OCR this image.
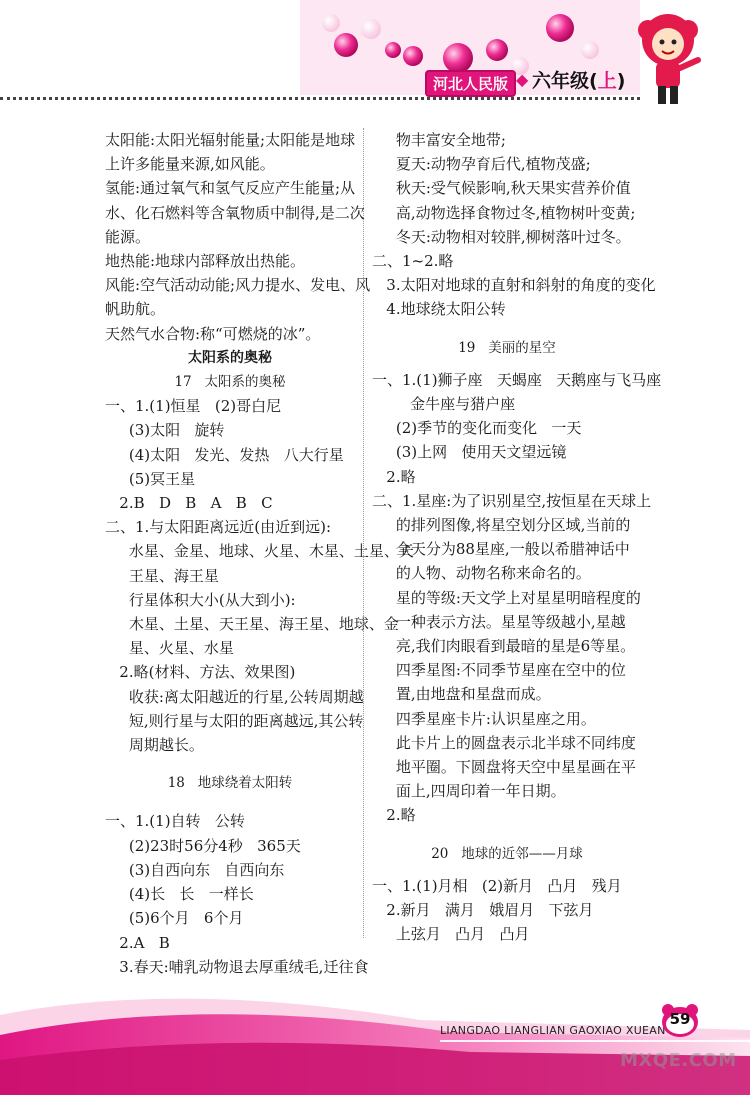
河北人民版 ◆ 六年级(上)

太阳能:太阳光辐射能量;太阳能是地球

上许多能量来源,如风能。

氢能:通过氧气和氢气反应产生能量;从

水、化石燃料等含氧物质中制得,是二次

能源。

地热能:地球内部释放出热能。

风能:空气活动动能;风力提水、发电、风

帆助航。

天然气水合物:称“可燃烧的冰”。

太阳系的奥秘

17   太阳系的奥秘

一、1.(1)恒星   (2)哥白尼

(3)太阳   旋转

(4)太阳   发光、发热   八大行星

(5)冥王星

2.B   D   B   A   B   C

二、1.与太阳距离远近(由近到远):

水星、金星、地球、火星、木星、土星、天

王星、海王星

行星体积大小(从大到小):

木星、土星、天王星、海王星、地球、金

星、火星、水星

2.略(材料、方法、效果图)

收获:离太阳越近的行星,公转周期越

短,则行星与太阳的距离越远,其公转

周期越长。

18   地球绕着太阳转

一、1.(1)自转   公转

(2)23时56分4秒   365天

(3)自西向东   自西向东

(4)长   长   一样长

(5)6个月   6个月

2.A   B

3.春天:哺乳动物退去厚重绒毛,迁往食

物丰富安全地带;

夏天:动物孕育后代,植物茂盛;

秋天:受气候影响,秋天果实营养价值

高,动物选择食物过冬,植物树叶变黄;

冬天:动物相对较胖,柳树落叶过冬。

二、1~2.略

3.太阳对地球的直射和斜射的角度的变化

4.地球绕太阳公转

19   美丽的星空

一、1.(1)狮子座   天蝎座   天鹅座与飞马座

金牛座与猎户座

(2)季节的变化而变化   一天

(3)上网   使用天文望远镜

2.略

二、1.星座:为了识别星空,按恒星在天球上

的排列图像,将星空划分区域,当前的

全天分为88星座,一般以希腊神话中

的人物、动物名称来命名的。

星的等级:天文学上对星星明暗程度的

一种表示方法。星星等级越小,星越

亮,我们肉眼看到最暗的星是6等星。

四季星图:不同季节星座在空中的位

置,由地盘和星盘而成。

四季星座卡片:认识星座之用。

此卡片上的圆盘表示北半球不同纬度

地平圈。下圆盘将天空中星星画在平

面上,四周印着一年日期。

2.略

20   地球的近邻——月球

一、1.(1)月相   (2)新月   凸月   残月

2.新月   满月   娥眉月   下弦月

上弦月   凸月   凸月

LIANGDAO LIANGLIAN GAOXIAO XUEAN
59
MXQE.COM
